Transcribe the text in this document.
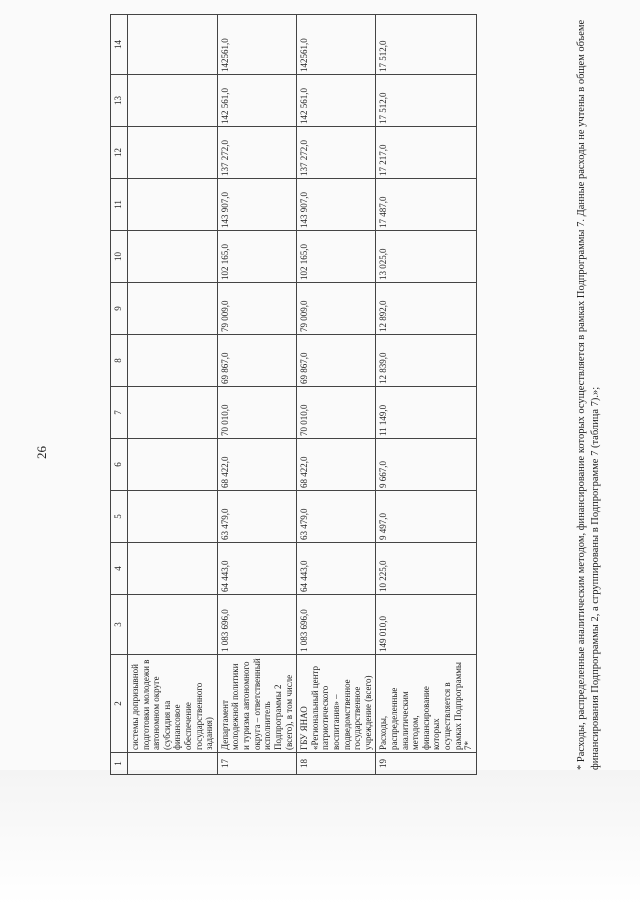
26
1	2	3	4	5	6	7	8	9	10	11	12	13	14
	системы допризывной подготовки молодежи в автономном округе (субсидия на финансовое обеспечение государственного задания)												
17	Департамент молодежной политики и туризма автономного округа – ответственный исполнитель Подпрограммы 2 (всего), в том числе	1 083 696,0	64 443,0	63 479,0	68 422,0	70 010,0	69 867,0	79 009,0	102 165,0	143 907,0	137 272,0	142 561,0	142561,0
18	ГБУ ЯНАО «Региональный центр патриотического воспитания» – подведомственное государственное учреждение (всего)	1 083 696,0	64 443,0	63 479,0	68 422,0	70 010,0	69 867,0	79 009,0	102 165,0	143 907,0	137 272,0	142 561,0	142561,0
19	Расходы, распределенные аналитическим методом, финансирование которых осуществляется в рамках Подпрограммы 7*	149 010,0	10 225,0	9 497,0	9 667,0	11 149,0	12 839,0	12 892,0	13 025,0	17 487,0	17 217,0	17 512,0	17 512,0	* Расходы, распределенные аналитическим методом, финансирование которых осуществляется в рамках Подпрограммы 7. Данные расходы не учтены в общем объеме финансирования Подпрограммы 2, а сгруппированы в Подпрограмме 7 (таблица 7).»;
